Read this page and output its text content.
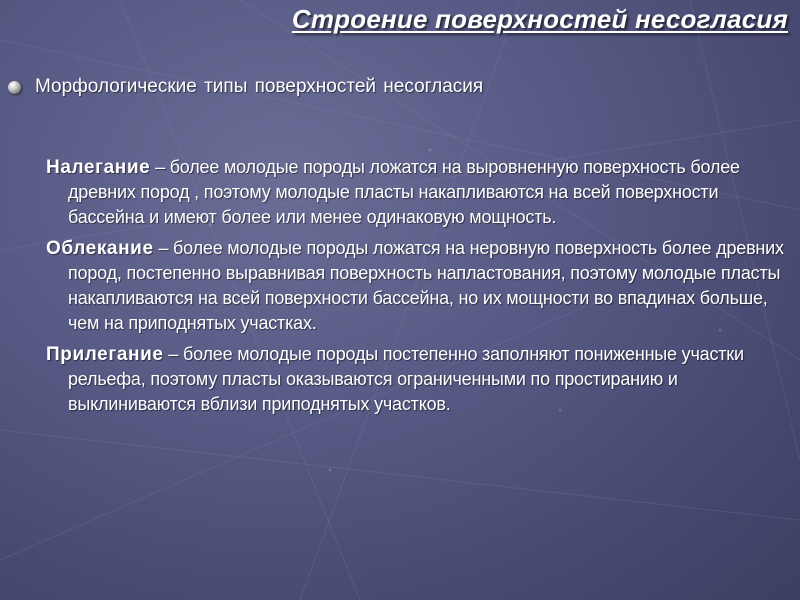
Строение поверхностей несогласия
Морфологические типы поверхностей несогласия

Налегание – более молодые породы ложатся на выровненную поверхность более древних пород , поэтому молодые пласты накапливаются на всей поверхности бассейна и имеют более или менее одинаковую мощность.

Облекание – более молодые породы ложатся на неровную поверхность более древних пород, постепенно выравнивая поверхность напластования, поэтому молодые пласты накапливаются на всей поверхности бассейна, но их мощности во впадинах больше, чем на приподнятых участках.

Прилегание – более молодые породы постепенно заполняют пониженные участки рельефа, поэтому пласты оказываются ограниченными по простиранию и выклиниваются вблизи приподнятых участков.
